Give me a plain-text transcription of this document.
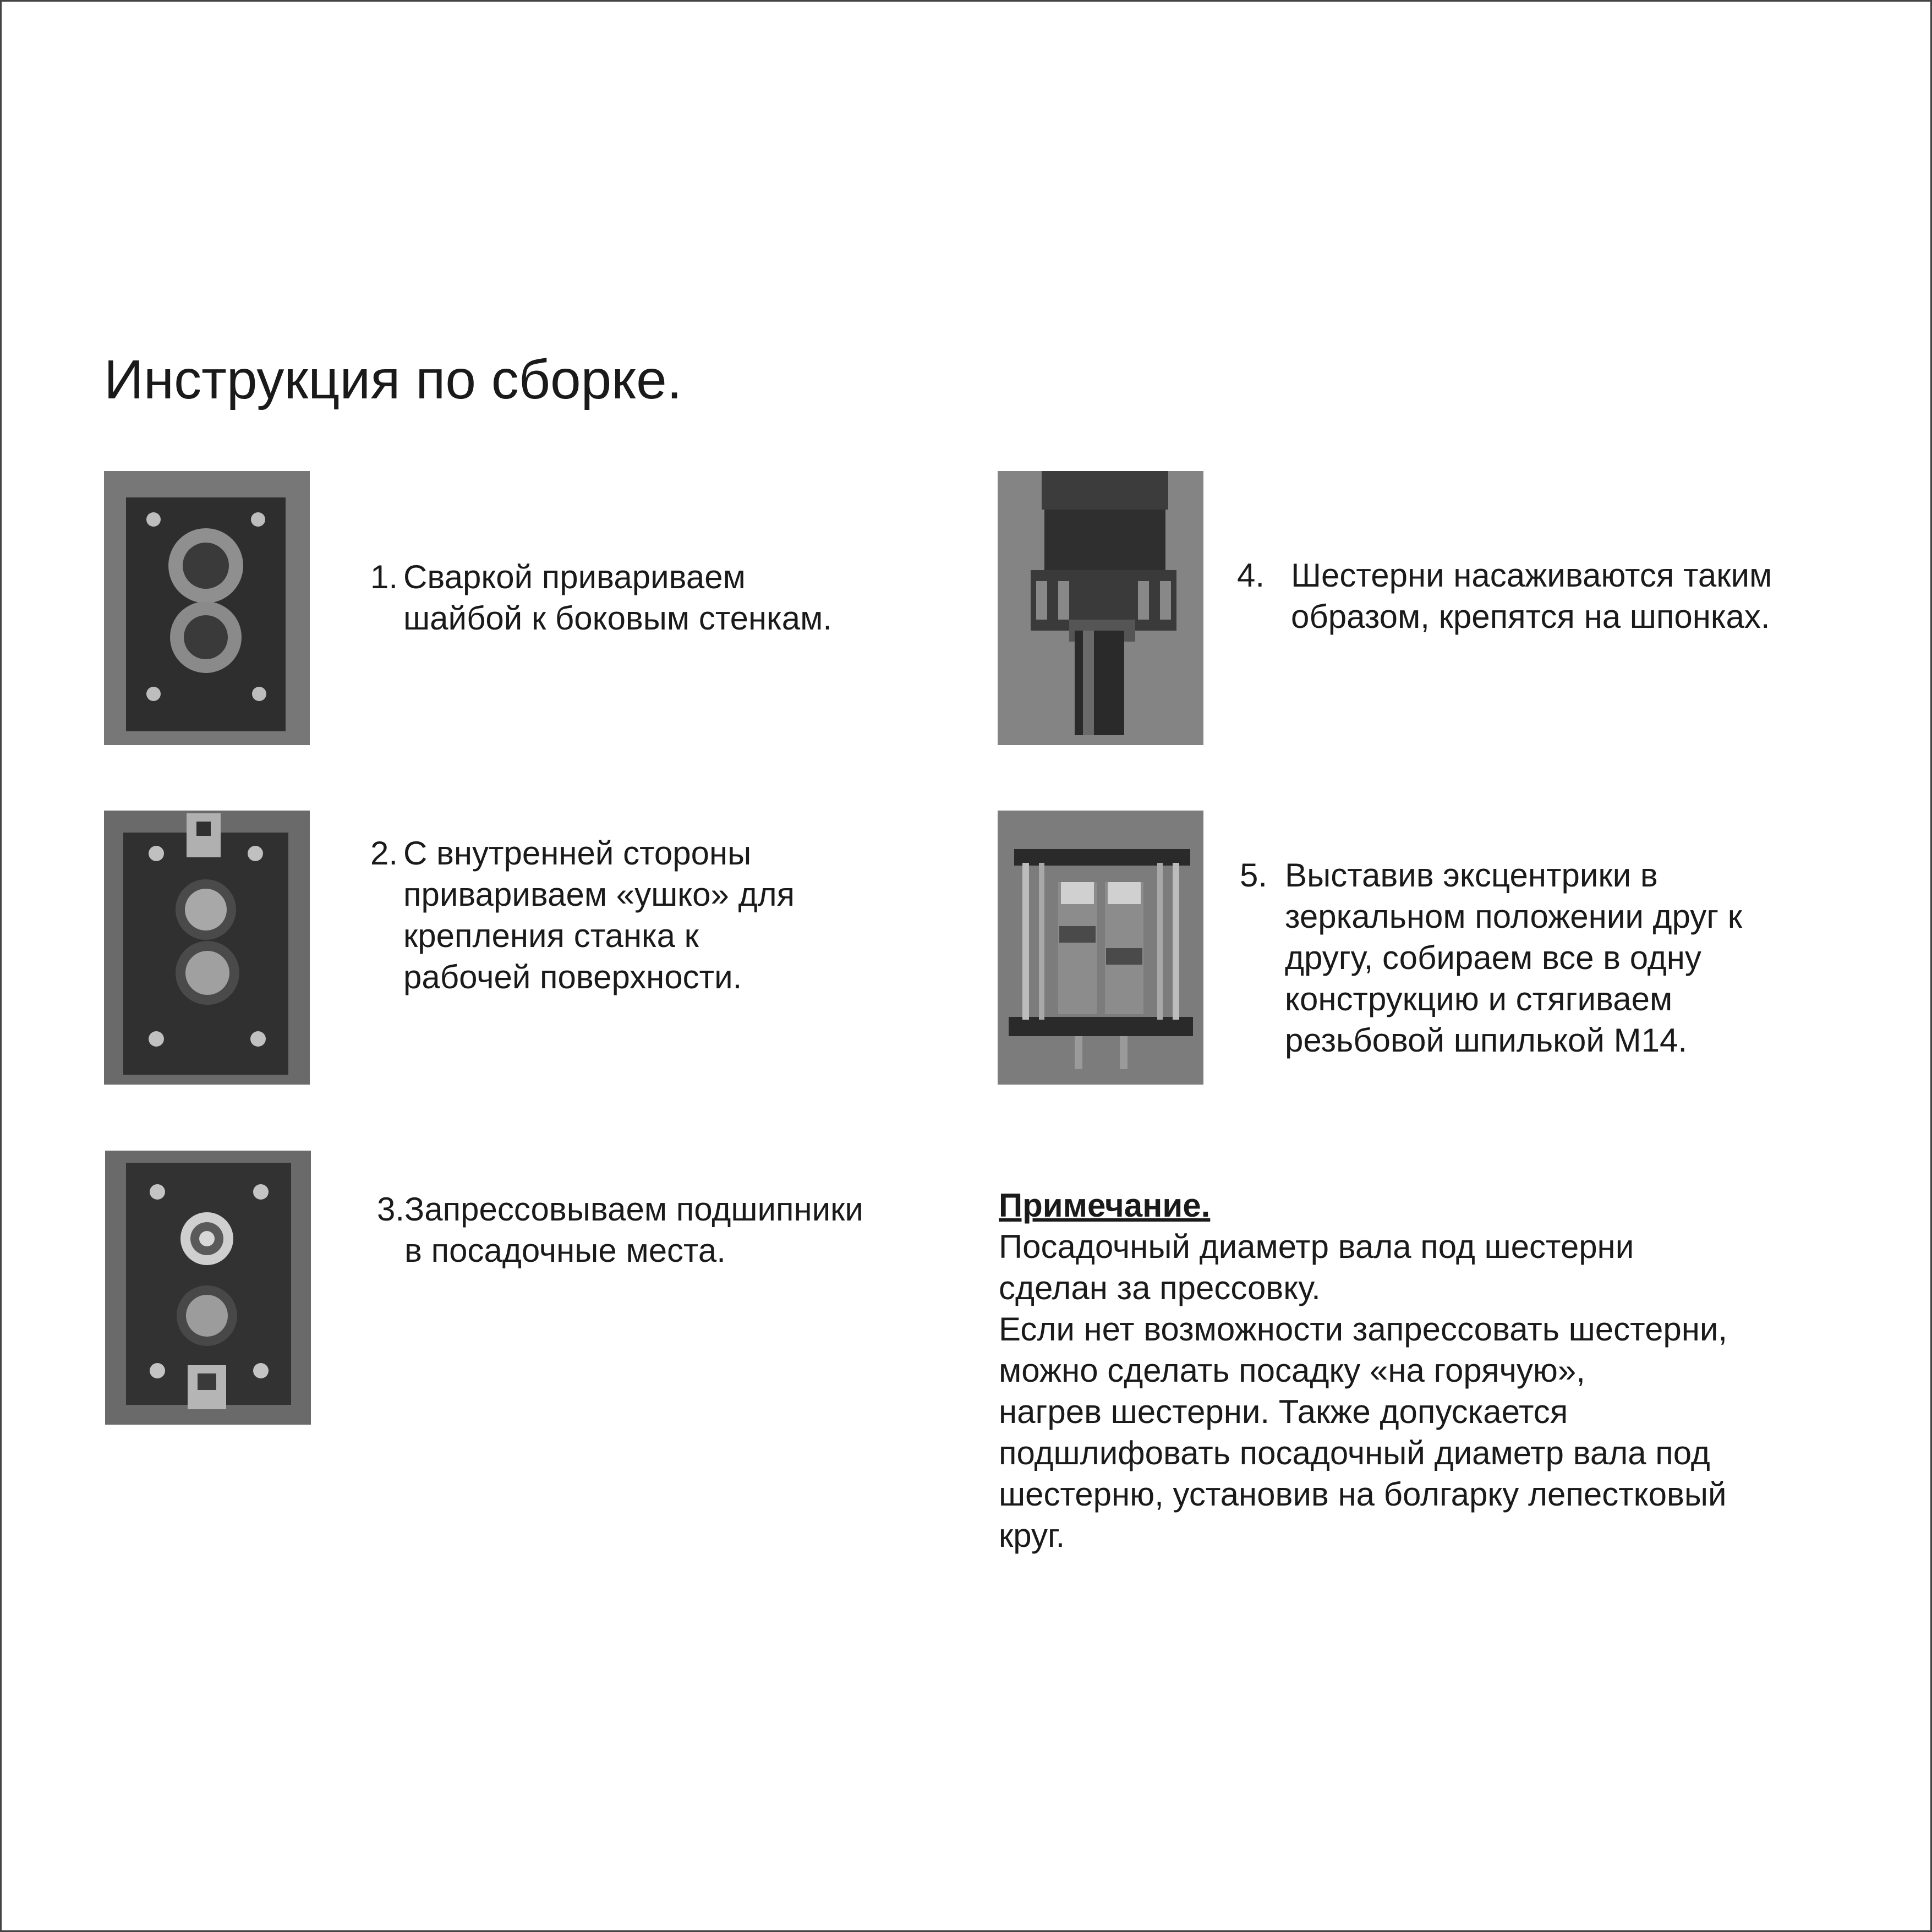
Инструкция по сборке.
1. Сваркой привариваем
шайбой к боковым стенкам.
2. С внутренней стороны
привариваем «ушко» для
крепления станка к
рабочей поверхности.
3. Запрессовываем подшипники
в посадочные места.
4. Шестерни насаживаются таким
образом, крепятся на шпонках.
5. Выставив эксцентрики в
зеркальном положении друг к
другу, собираем все в одну
конструкцию и стягиваем
резьбовой шпилькой М14.
Примечание.
Посадочный диаметр вала под шестерни
сделан за прессовку.
Если нет возможности запрессовать шестерни,
можно сделать посадку «на горячую»,
нагрев шестерни. Также допускается
подшлифовать посадочный диаметр вала под
шестерню, установив на болгарку лепестковый
круг.
